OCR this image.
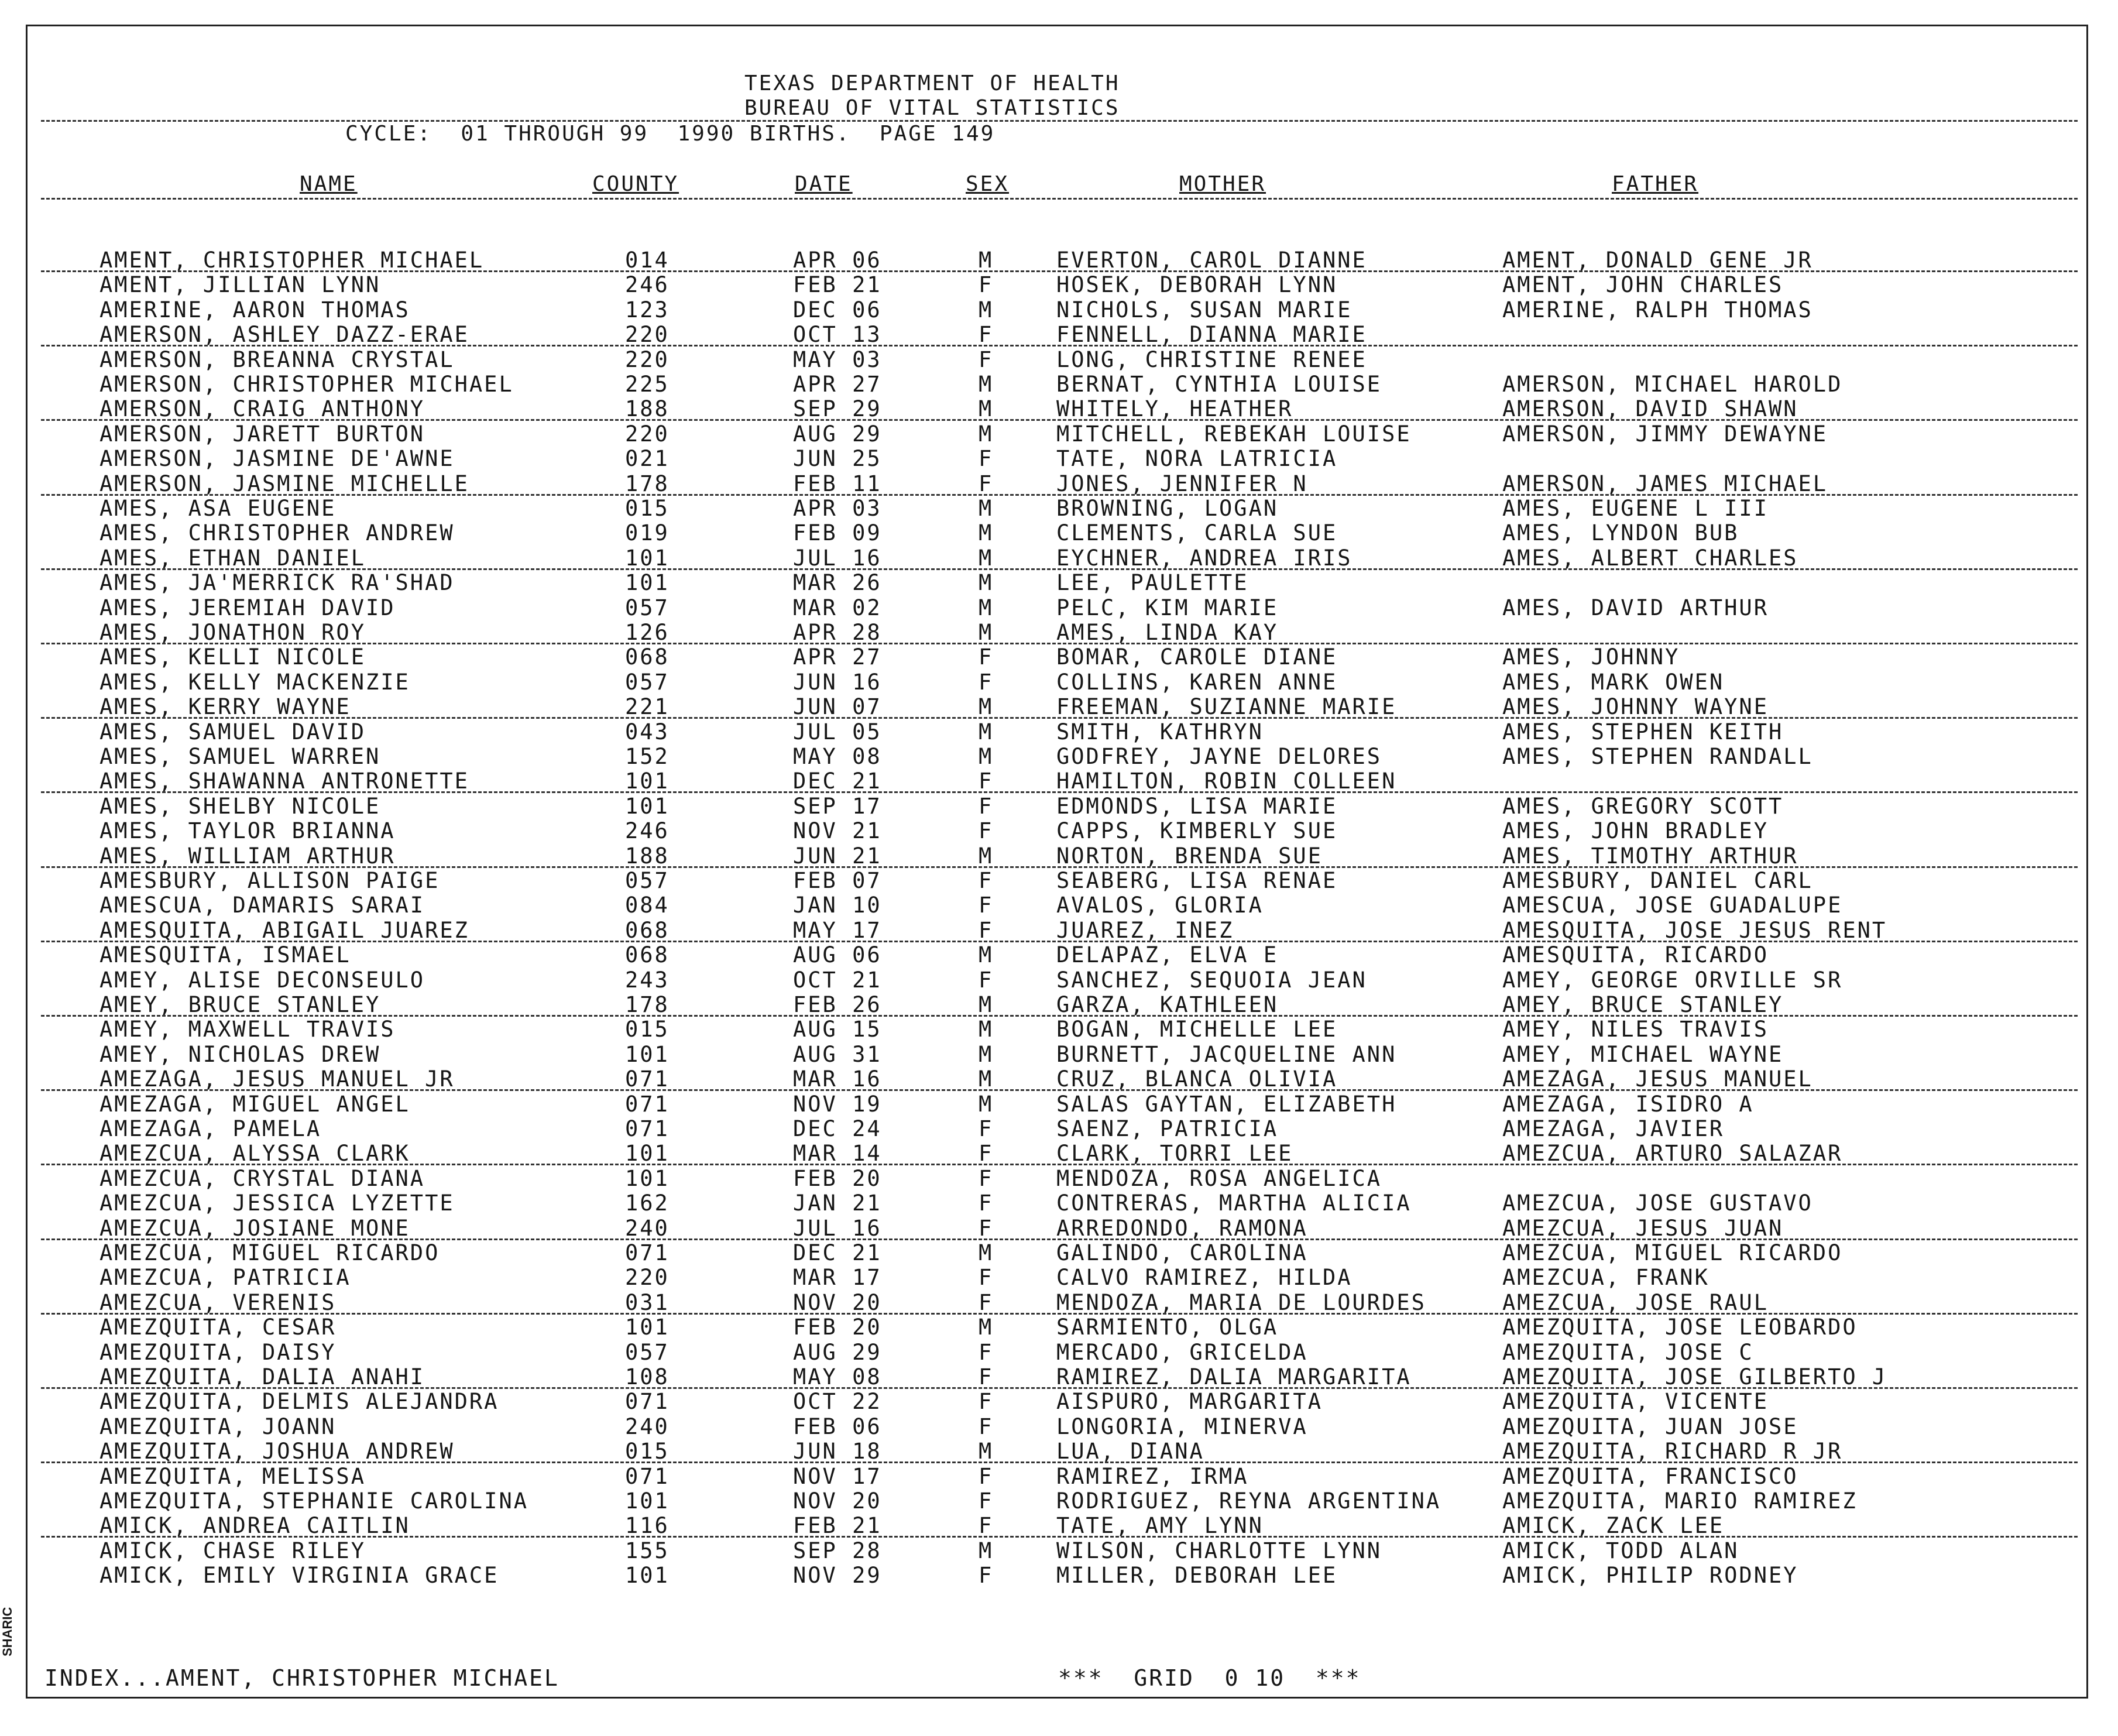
TEXAS DEPARTMENT OF HEALTH
BUREAU OF VITAL STATISTICS
CYCLE:  01 THROUGH 99  1990 BIRTHS.  PAGE 149
NAME	COUNTY	DATE	SEX	MOTHER	FATHER
AMENT, CHRISTOPHER MICHAEL	014	APR 06	M	EVERTON, CAROL DIANNE	AMENT, DONALD GENE JR
AMENT, JILLIAN LYNN	246	FEB 21	F	HOSEK, DEBORAH LYNN	AMENT, JOHN CHARLES
AMERINE, AARON THOMAS	123	DEC 06	M	NICHOLS, SUSAN MARIE	AMERINE, RALPH THOMAS
AMERSON, ASHLEY DAZZ-ERAE	220	OCT 13	F	FENNELL, DIANNA MARIE
AMERSON, BREANNA CRYSTAL	220	MAY 03	F	LONG, CHRISTINE RENEE
AMERSON, CHRISTOPHER MICHAEL	225	APR 27	M	BERNAT, CYNTHIA LOUISE	AMERSON, MICHAEL HAROLD
AMERSON, CRAIG ANTHONY	188	SEP 29	M	WHITELY, HEATHER	AMERSON, DAVID SHAWN
AMERSON, JARETT BURTON	220	AUG 29	M	MITCHELL, REBEKAH LOUISE	AMERSON, JIMMY DEWAYNE
AMERSON, JASMINE DE'AWNE	021	JUN 25	F	TATE, NORA LATRICIA
AMERSON, JASMINE MICHELLE	178	FEB 11	F	JONES, JENNIFER N	AMERSON, JAMES MICHAEL
AMES, ASA EUGENE	015	APR 03	M	BROWNING, LOGAN	AMES, EUGENE L III
AMES, CHRISTOPHER ANDREW	019	FEB 09	M	CLEMENTS, CARLA SUE	AMES, LYNDON BUB
AMES, ETHAN DANIEL	101	JUL 16	M	EYCHNER, ANDREA IRIS	AMES, ALBERT CHARLES
AMES, JA'MERRICK RA'SHAD	101	MAR 26	M	LEE, PAULETTE
AMES, JEREMIAH DAVID	057	MAR 02	M	PELC, KIM MARIE	AMES, DAVID ARTHUR
AMES, JONATHON ROY	126	APR 28	M	AMES, LINDA KAY
AMES, KELLI NICOLE	068	APR 27	F	BOMAR, CAROLE DIANE	AMES, JOHNNY
AMES, KELLY MACKENZIE	057	JUN 16	F	COLLINS, KAREN ANNE	AMES, MARK OWEN
AMES, KERRY WAYNE	221	JUN 07	M	FREEMAN, SUZIANNE MARIE	AMES, JOHNNY WAYNE
AMES, SAMUEL DAVID	043	JUL 05	M	SMITH, KATHRYN	AMES, STEPHEN KEITH
AMES, SAMUEL WARREN	152	MAY 08	M	GODFREY, JAYNE DELORES	AMES, STEPHEN RANDALL
AMES, SHAWANNA ANTRONETTE	101	DEC 21	F	HAMILTON, ROBIN COLLEEN
AMES, SHELBY NICOLE	101	SEP 17	F	EDMONDS, LISA MARIE	AMES, GREGORY SCOTT
AMES, TAYLOR BRIANNA	246	NOV 21	F	CAPPS, KIMBERLY SUE	AMES, JOHN BRADLEY
AMES, WILLIAM ARTHUR	188	JUN 21	M	NORTON, BRENDA SUE	AMES, TIMOTHY ARTHUR
AMESBURY, ALLISON PAIGE	057	FEB 07	F	SEABERG, LISA RENAE	AMESBURY, DANIEL CARL
AMESCUA, DAMARIS SARAI	084	JAN 10	F	AVALOS, GLORIA	AMESCUA, JOSE GUADALUPE
AMESQUITA, ABIGAIL JUAREZ	068	MAY 17	F	JUAREZ, INEZ	AMESQUITA, JOSE JESUS RENT
AMESQUITA, ISMAEL	068	AUG 06	M	DELAPAZ, ELVA E	AMESQUITA, RICARDO
AMEY, ALISE DECONSEULO	243	OCT 21	F	SANCHEZ, SEQUOIA JEAN	AMEY, GEORGE ORVILLE SR
AMEY, BRUCE STANLEY	178	FEB 26	M	GARZA, KATHLEEN	AMEY, BRUCE STANLEY
AMEY, MAXWELL TRAVIS	015	AUG 15	M	BOGAN, MICHELLE LEE	AMEY, NILES TRAVIS
AMEY, NICHOLAS DREW	101	AUG 31	M	BURNETT, JACQUELINE ANN	AMEY, MICHAEL WAYNE
AMEZAGA, JESUS MANUEL JR	071	MAR 16	M	CRUZ, BLANCA OLIVIA	AMEZAGA, JESUS MANUEL
AMEZAGA, MIGUEL ANGEL	071	NOV 19	M	SALAS GAYTAN, ELIZABETH	AMEZAGA, ISIDRO A
AMEZAGA, PAMELA	071	DEC 24	F	SAENZ, PATRICIA	AMEZAGA, JAVIER
AMEZCUA, ALYSSA CLARK	101	MAR 14	F	CLARK, TORRI LEE	AMEZCUA, ARTURO SALAZAR
AMEZCUA, CRYSTAL DIANA	101	FEB 20	F	MENDOZA, ROSA ANGELICA
AMEZCUA, JESSICA LYZETTE	162	JAN 21	F	CONTRERAS, MARTHA ALICIA	AMEZCUA, JOSE GUSTAVO
AMEZCUA, JOSIANE MONE	240	JUL 16	F	ARREDONDO, RAMONA	AMEZCUA, JESUS JUAN
AMEZCUA, MIGUEL RICARDO	071	DEC 21	M	GALINDO, CAROLINA	AMEZCUA, MIGUEL RICARDO
AMEZCUA, PATRICIA	220	MAR 17	F	CALVO RAMIREZ, HILDA	AMEZCUA, FRANK
AMEZCUA, VERENIS	031	NOV 20	F	MENDOZA, MARIA DE LOURDES	AMEZCUA, JOSE RAUL
AMEZQUITA, CESAR	101	FEB 20	M	SARMIENTO, OLGA	AMEZQUITA, JOSE LEOBARDO
AMEZQUITA, DAISY	057	AUG 29	F	MERCADO, GRICELDA	AMEZQUITA, JOSE C
AMEZQUITA, DALIA ANAHI	108	MAY 08	F	RAMIREZ, DALIA MARGARITA	AMEZQUITA, JOSE GILBERTO J
AMEZQUITA, DELMIS ALEJANDRA	071	OCT 22	F	AISPURO, MARGARITA	AMEZQUITA, VICENTE
AMEZQUITA, JOANN	240	FEB 06	F	LONGORIA, MINERVA	AMEZQUITA, JUAN JOSE
AMEZQUITA, JOSHUA ANDREW	015	JUN 18	M	LUA, DIANA	AMEZQUITA, RICHARD R JR
AMEZQUITA, MELISSA	071	NOV 17	F	RAMIREZ, IRMA	AMEZQUITA, FRANCISCO
AMEZQUITA, STEPHANIE CAROLINA	101	NOV 20	F	RODRIGUEZ, REYNA ARGENTINA	AMEZQUITA, MARIO RAMIREZ
AMICK, ANDREA CAITLIN	116	FEB 21	F	TATE, AMY LYNN	AMICK, ZACK LEE
AMICK, CHASE RILEY	155	SEP 28	M	WILSON, CHARLOTTE LYNN	AMICK, TODD ALAN
AMICK, EMILY VIRGINIA GRACE	101	NOV 29	F	MILLER, DEBORAH LEE	AMICK, PHILIP RODNEY
INDEX...AMENT, CHRISTOPHER MICHAEL	***  GRID  0 10  ***
SHARIC
